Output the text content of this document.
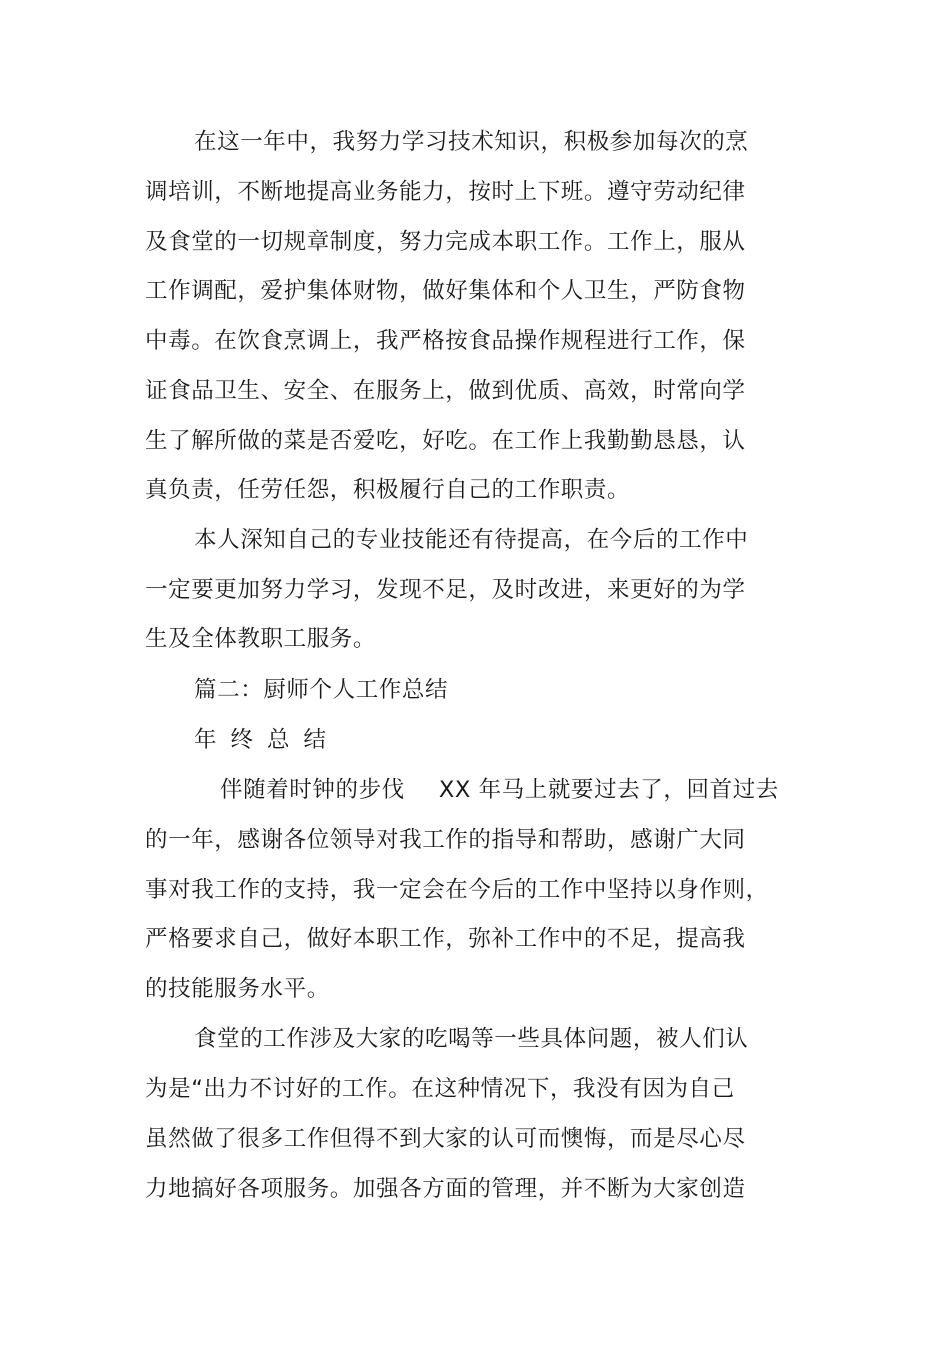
在这一年中，我努力学习技术知识，积极参加每次的烹
调培训，不断地提高业务能力，按时上下班。遵守劳动纪律
及食堂的一切规章制度，努力完成本职工作。工作上，服从
工作调配，爱护集体财物，做好集体和个人卫生，严防食物
中毒。在饮食烹调上，我严格按食品操作规程进行工作，保
证食品卫生、安全、在服务上，做到优质、高效，时常向学
生了解所做的菜是否爱吃，好吃。在工作上我勤勤恳恳，认
真负责，任劳任怨，积极履行自己的工作职责。
本人深知自己的专业技能还有待提高，在今后的工作中
一定要更加努力学习，发现不足，及时改进，来更好的为学
生及全体教职工服务。
篇二：厨师个人工作总结
年终总结
伴随着时钟的步伐 XX 年马上就要过去了，回首过去
的一年，感谢各位领导对我工作的指导和帮助，感谢广大同
事对我工作的支持，我一定会在今后的工作中坚持以身作则，
严格要求自己，做好本职工作，弥补工作中的不足，提高我
的技能服务水平。
食堂的工作涉及大家的吃喝等一些具体问题，被人们认
为是“出力不讨好的工作。在这种情况下，我没有因为自己
虽然做了很多工作但得不到大家的认可而懊悔，而是尽心尽
力地搞好各项服务。加强各方面的管理，并不断为大家创造
